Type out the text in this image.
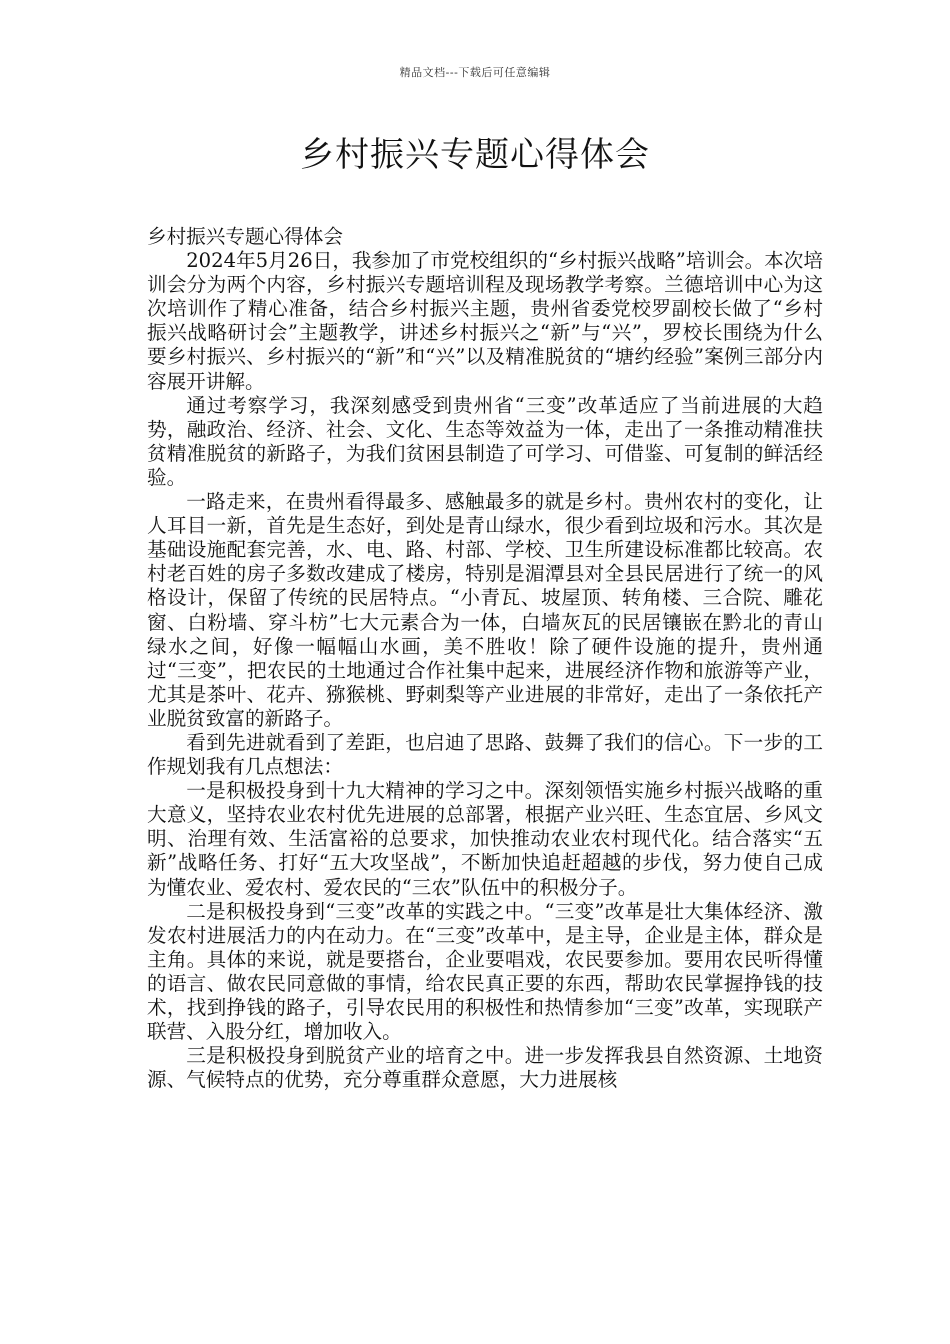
精品文档---下载后可任意编辑
乡村振兴专题心得体会

乡村振兴专题心得体会

2024年5月26日，我参加了市党校组织的“乡村振兴战略”培训会。本次培训会分为两个内容，乡村振兴专题培训程及现场教学考察。兰德培训中心为这次培训作了精心准备，结合乡村振兴主题，贵州省委党校罗副校长做了“乡村振兴战略研讨会”主题教学，讲述乡村振兴之“新”与“兴”，罗校长围绕为什么要乡村振兴、乡村振兴的“新”和“兴”以及精准脱贫的“塘约经验”案例三部分内容展开讲解。

通过考察学习，我深刻感受到贵州省“三变”改革适应了当前进展的大趋势，融政治、经济、社会、文化、生态等效益为一体，走出了一条推动精准扶贫精准脱贫的新路子，为我们贫困县制造了可学习、可借鉴、可复制的鲜活经验。

一路走来，在贵州看得最多、感触最多的就是乡村。贵州农村的变化，让人耳目一新，首先是生态好，到处是青山绿水，很少看到垃圾和污水。其次是基础设施配套完善，水、电、路、村部、学校、卫生所建设标准都比较高。农村老百姓的房子多数改建成了楼房，特别是湄潭县对全县民居进行了统一的风格设计，保留了传统的民居特点。“小青瓦、坡屋顶、转角楼、三合院、雕花窗、白粉墙、穿斗枋”七大元素合为一体，白墙灰瓦的民居镶嵌在黔北的青山绿水之间，好像一幅幅山水画，美不胜收！除了硬件设施的提升，贵州通过“三变”，把农民的土地通过合作社集中起来，进展经济作物和旅游等产业，尤其是茶叶、花卉、猕猴桃、野刺梨等产业进展的非常好，走出了一条依托产业脱贫致富的新路子。

看到先进就看到了差距，也启迪了思路、鼓舞了我们的信心。下一步的工作规划我有几点想法：

一是积极投身到十九大精神的学习之中。深刻领悟实施乡村振兴战略的重大意义，坚持农业农村优先进展的总部署，根据产业兴旺、生态宜居、乡风文明、治理有效、生活富裕的总要求，加快推动农业农村现代化。结合落实“五新”战略任务、打好“五大攻坚战”，不断加快追赶超越的步伐，努力使自己成为懂农业、爱农村、爱农民的“三农”队伍中的积极分子。

二是积极投身到“三变”改革的实践之中。“三变”改革是壮大集体经济、激发农村进展活力的内在动力。在“三变”改革中，是主导，企业是主体，群众是主角。具体的来说，就是要搭台，企业要唱戏，农民要参加。要用农民听得懂的语言、做农民同意做的事情，给农民真正要的东西，帮助农民掌握挣钱的技术，找到挣钱的路子，引导农民用的积极性和热情参加“三变”改革，实现联产联营、入股分红，增加收入。

三是积极投身到脱贫产业的培育之中。进一步发挥我县自然资源、土地资源、气候特点的优势，充分尊重群众意愿，大力进展核
